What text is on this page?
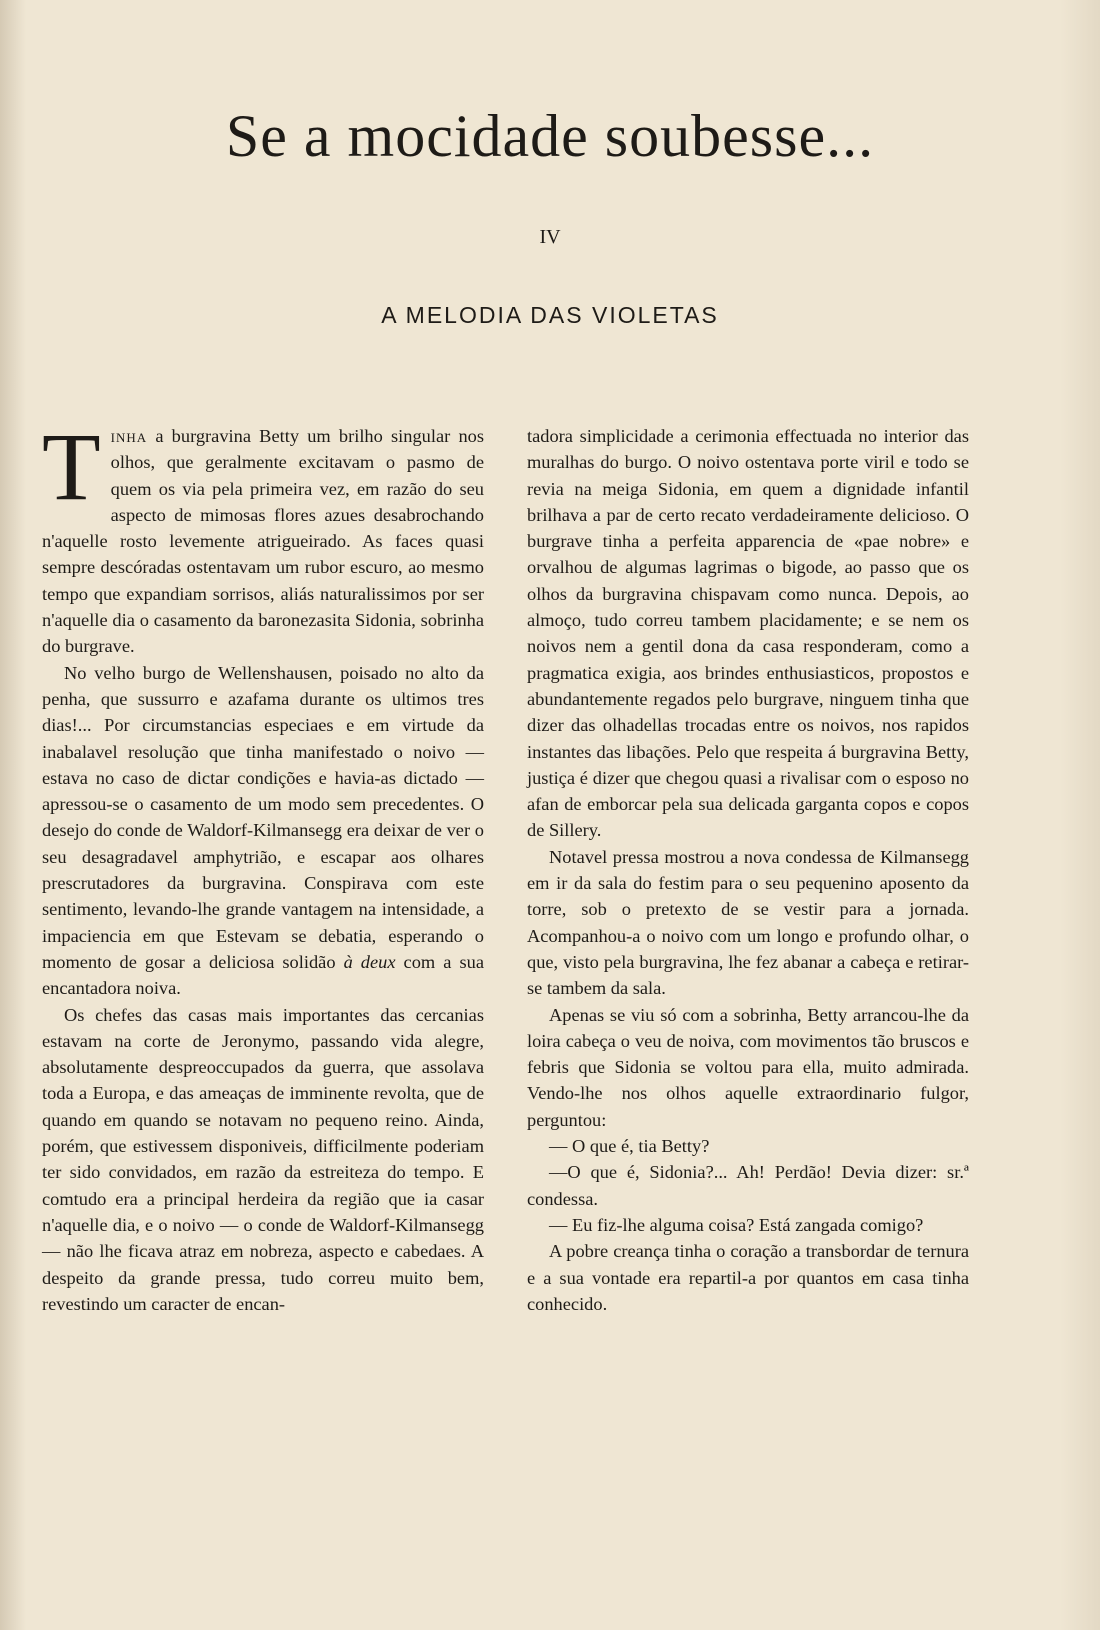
Se a mocidade soubesse...
IV
A MELODIA DAS VIOLETAS

Tinha a burgravina Betty um brilho singular nos olhos, que geralmente excitavam o pasmo de quem os via pela primeira vez, em razão do seu aspecto de mimosas flores azues desabrochando n'aquelle rosto levemente atrigueirado. As faces quasi sempre descóradas ostentavam um rubor escuro, ao mesmo tempo que expandiam sorrisos, aliás naturalissimos por ser n'aquelle dia o casamento da baronezasita Sidonia, sobrinha do burgrave.

No velho burgo de Wellenshausen, poisado no alto da penha, que sussurro e azafama durante os ultimos tres dias!... Por circumstancias especiaes e em virtude da inabalavel resolução que tinha manifestado o noivo — estava no caso de dictar condições e havia-as dictado — apressou-se o casamento de um modo sem precedentes. O desejo do conde de Waldorf-Kilmansegg era deixar de ver o seu desagradavel amphytrião, e escapar aos olhares prescrutadores da burgravina. Conspirava com este sentimento, levando-lhe grande vantagem na intensidade, a impaciencia em que Estevam se debatia, esperando o momento de gosar a deliciosa solidão à deux com a sua encantadora noiva.

Os chefes das casas mais importantes das cercanias estavam na corte de Jeronymo, passando vida alegre, absolutamente despreoccupados da guerra, que assolava toda a Europa, e das ameaças de imminente revolta, que de quando em quando se notavam no pequeno reino. Ainda, porém, que estivessem disponiveis, difficilmente poderiam ter sido convidados, em razão da estreiteza do tempo. E comtudo era a principal herdeira da região que ia casar n'aquelle dia, e o noivo — o conde de Waldorf-Kilmansegg — não lhe ficava atraz em nobreza, aspecto e cabedaes. A despeito da grande pressa, tudo correu muito bem, revestindo um caracter de encan-

tadora simplicidade a cerimonia effectuada no interior das muralhas do burgo. O noivo ostentava porte viril e todo se revia na meiga Sidonia, em quem a dignidade infantil brilhava a par de certo recato verdadeiramente delicioso. O burgrave tinha a perfeita apparencia de «pae nobre» e orvalhou de algumas lagrimas o bigode, ao passo que os olhos da burgravina chispavam como nunca. Depois, ao almoço, tudo correu tambem placidamente; e se nem os noivos nem a gentil dona da casa responderam, como a pragmatica exigia, aos brindes enthusiasticos, propostos e abundantemente regados pelo burgrave, ninguem tinha que dizer das olhadellas trocadas entre os noivos, nos rapidos instantes das libações. Pelo que respeita á burgravina Betty, justiça é dizer que chegou quasi a rivalisar com o esposo no afan de emborcar pela sua delicada garganta copos e copos de Sillery.

Notavel pressa mostrou a nova condessa de Kilmansegg em ir da sala do festim para o seu pequenino aposento da torre, sob o pretexto de se vestir para a jornada. Acompanhou-a o noivo com um longo e profundo olhar, o que, visto pela burgravina, lhe fez abanar a cabeça e retirar-se tambem da sala.

Apenas se viu só com a sobrinha, Betty arrancou-lhe da loira cabeça o veu de noiva, com movimentos tão bruscos e febris que Sidonia se voltou para ella, muito admirada. Vendo-lhe nos olhos aquelle extraordinario fulgor, perguntou:

— O que é, tia Betty?

—O que é, Sidonia?... Ah! Perdão! Devia dizer: sr.ª condessa.

— Eu fiz-lhe alguma coisa? Está zangada comigo?

A pobre creança tinha o coração a transbordar de ternura e a sua vontade era repartil-a por quantos em casa tinha conhecido.
